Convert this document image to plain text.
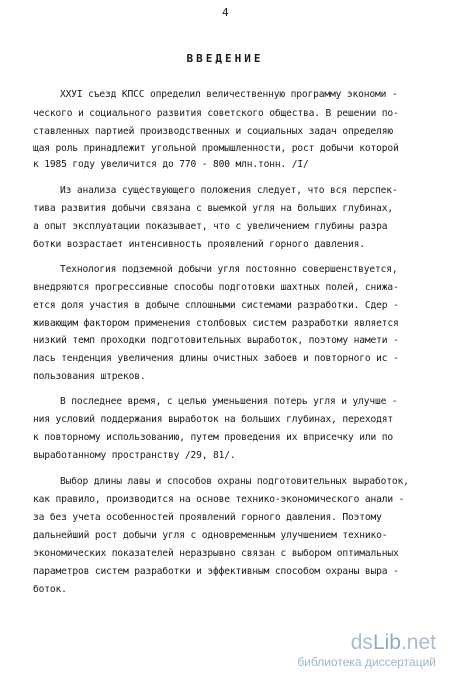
4
ВВЕДЕНИЕ
XXУI съезд КПСС определил величественную программу экономи -
ческого и социального развития советского общества. В решении по-
ставленных партией производственных и социальных задач определяю
щая роль принадлежит угольной промышленности, рост добычи которой
к 1985 году увеличится до 770 - 800 млн.тонн. /I/
Из анализа существующего положения следует, что вся перспек-
тива развития добычи связана с выемкой угля на больших глубинах,
а опыт эксплуатации показывает, что с увеличением глубины разра
ботки возрастает интенсивность проявлений горного давления.
Технология подземной добычи угля постоянно совершенствуется,
внедряются прогрессивные способы подготовки шахтных полей, снижа-
ется доля участия в добыче сплошными системами разработки. Сдер -
живающим фактором применения столбовых систем разработки является
низкий темп проходки подготовительных выработок, поэтому намети -
лась тенденция увеличения длины очистных забоев и повторного ис -
пользования штреков.
В последнее время, с целью уменьшения потерь угля и улучше -
ния условий поддержания выработок на больших глубинах, переходят
к повторному использованию, путем проведения их вприсечку или по
выработанному пространству /29, 81/.
Выбор длины лавы и способов охраны подготовительных выработок,
как правило, производится на основе технико-экономического анали -
за без учета особенностей проявлений горного давления. Поэтому
дальнейший рост добычи угля с одновременным улучшением технико-
экономических показателей неразрывно связан с выбором оптимальных
параметров систем разработки и эффективным способом охраны выра -
боток.
dsLib.net
библиотека диссертаций
